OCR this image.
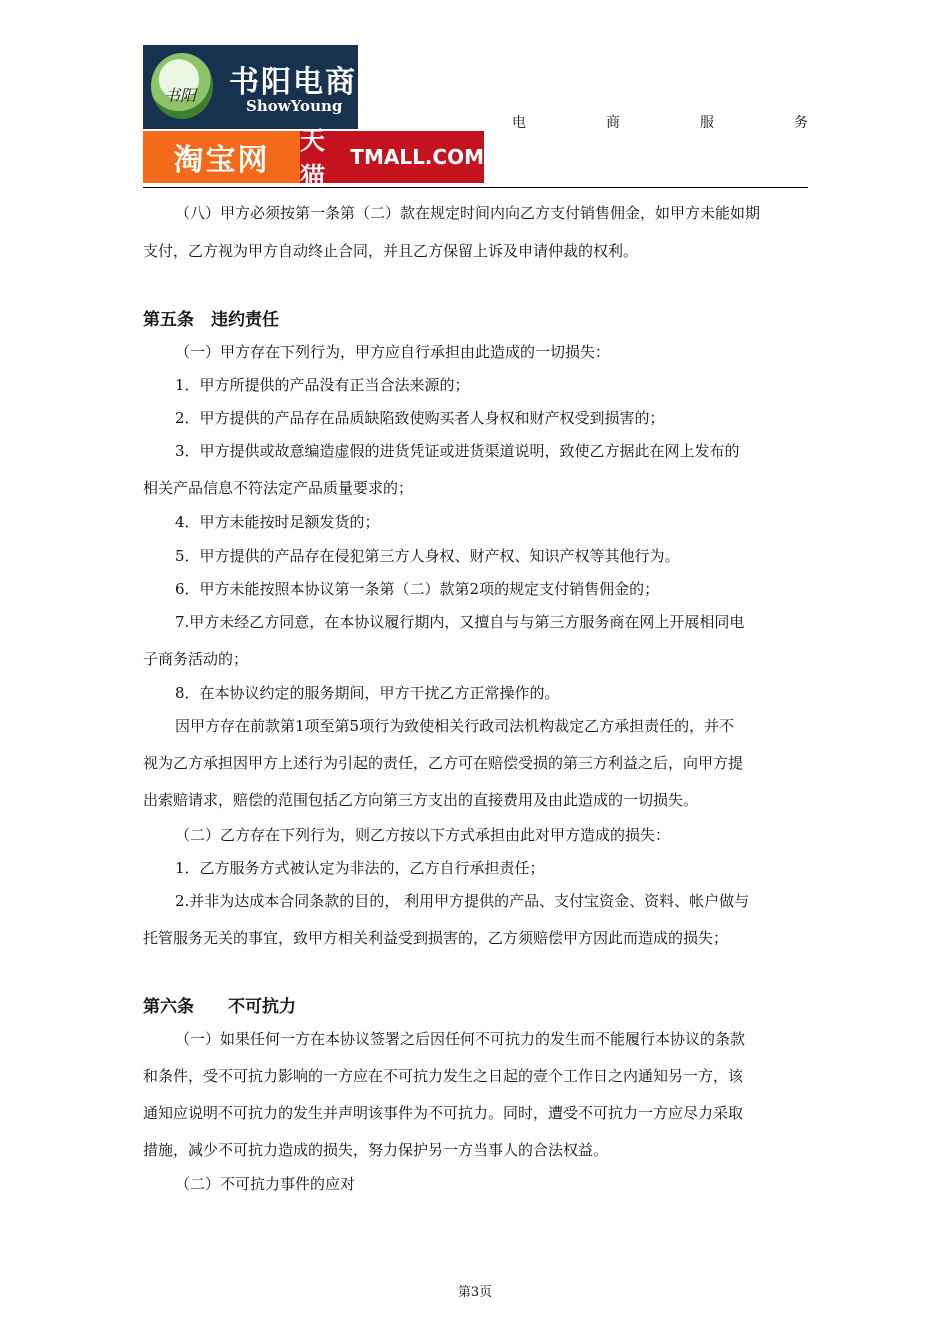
书阳 书阳电商
ShowYoung
淘宝网
天猫
TMALL.COM
电	商	服	务
（八）甲方必须按第一条第（二）款在规定时间内向乙方支付销售佣金，如甲方未能如期
支付，乙方视为甲方自动终止合同，并且乙方保留上诉及申请仲裁的权利。
第五条　违约责任
（一）甲方存在下列行为，甲方应自行承担由此造成的一切损失：
1．甲方所提供的产品没有正当合法来源的；
2．甲方提供的产品存在品质缺陷致使购买者人身权和财产权受到损害的；
3．甲方提供或故意编造虚假的进货凭证或进货渠道说明，致使乙方据此在网上发布的
相关产品信息不符法定产品质量要求的；
4．甲方未能按时足额发货的；
5．甲方提供的产品存在侵犯第三方人身权、财产权、知识产权等其他行为。
6．甲方未能按照本协议第一条第（二）款第2项的规定支付销售佣金的；
7.甲方未经乙方同意，在本协议履行期内，又擅自与与第三方服务商在网上开展相同电
子商务活动的；
8．在本协议约定的服务期间，甲方干扰乙方正常操作的。
因甲方存在前款第1项至第5项行为致使相关行政司法机构裁定乙方承担责任的，并不
视为乙方承担因甲方上述行为引起的责任，乙方可在赔偿受损的第三方利益之后，向甲方提
出索赔请求，赔偿的范围包括乙方向第三方支出的直接费用及由此造成的一切损失。
（二）乙方存在下列行为，则乙方按以下方式承担由此对甲方造成的损失：
1．乙方服务方式被认定为非法的，乙方自行承担责任；
2.并非为达成本合同条款的目的， 利用甲方提供的产品、支付宝资金、资料、帐户做与
托管服务无关的事宜，致甲方相关利益受到损害的，乙方须赔偿甲方因此而造成的损失；
第六条　　不可抗力
（一）如果任何一方在本协议签署之后因任何不可抗力的发生而不能履行本协议的条款
和条件，受不可抗力影响的一方应在不可抗力发生之日起的壹个工作日之内通知另一方，该
通知应说明不可抗力的发生并声明该事件为不可抗力。同时，遭受不可抗力一方应尽力采取
措施，减少不可抗力造成的损失，努力保护另一方当事人的合法权益。
（二）不可抗力事件的应对
第3页
